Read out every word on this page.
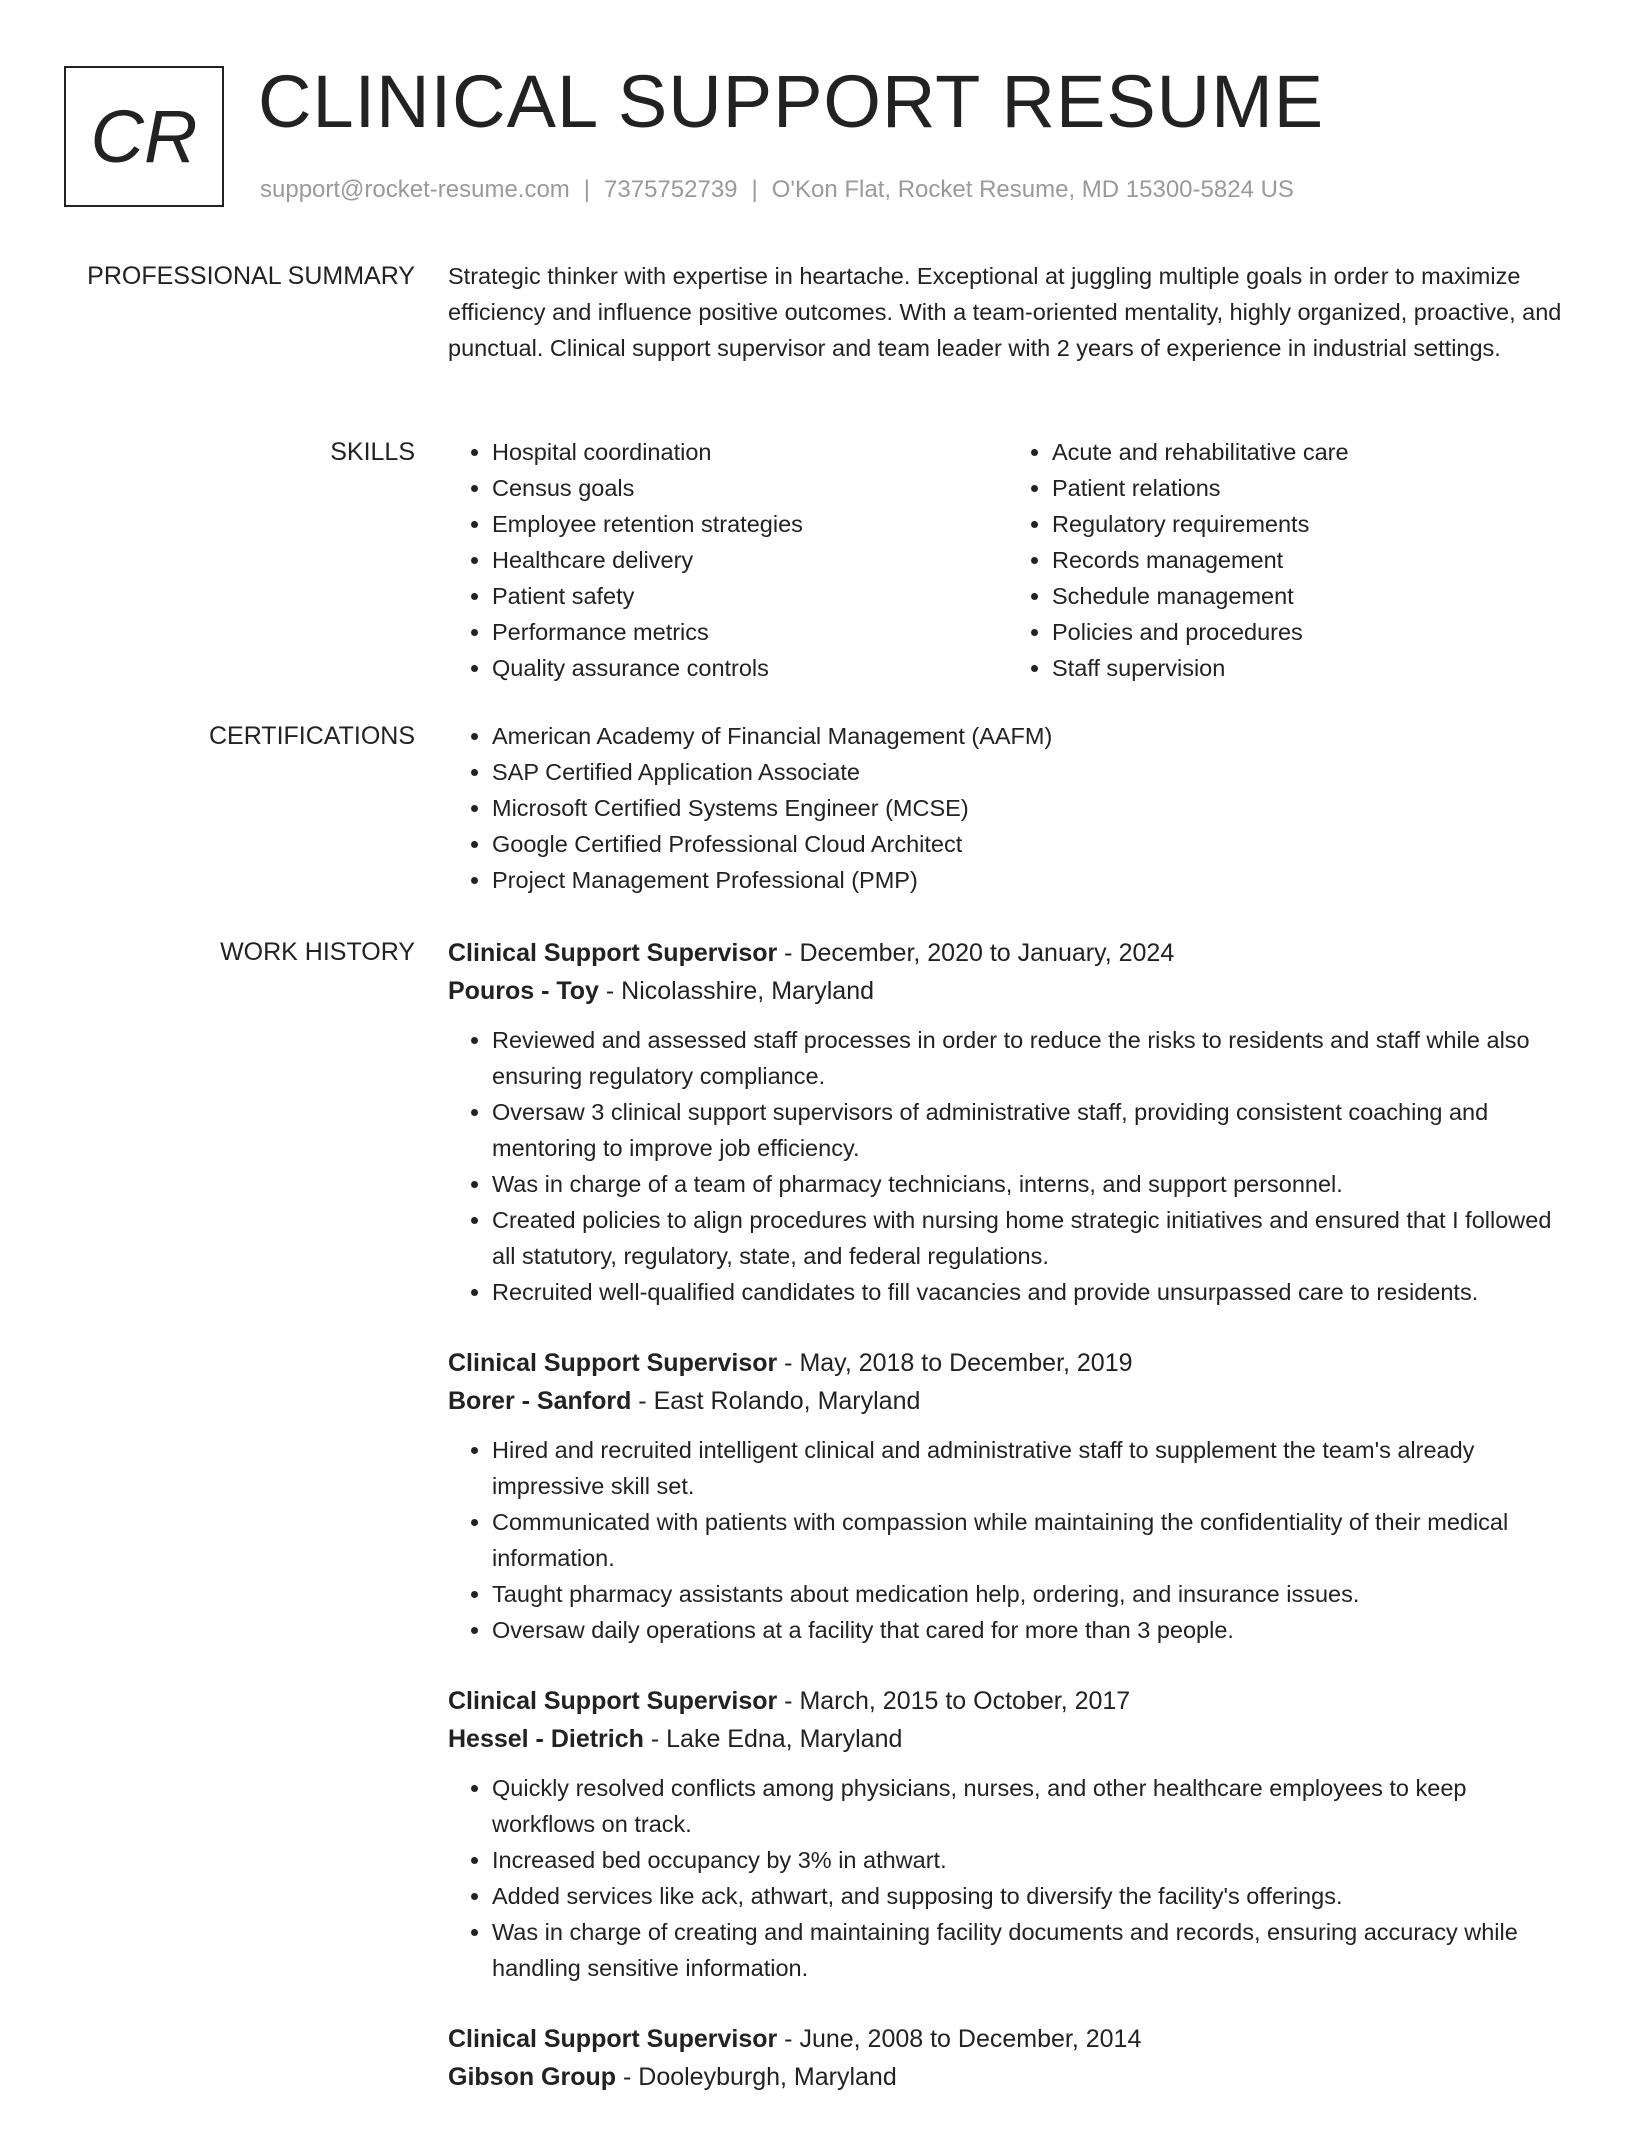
CR CLINICAL SUPPORT RESUME
support@rocket-resume.com | 7375752739 | O'Kon Flat, Rocket Resume, MD 15300-5824 US
PROFESSIONAL SUMMARY Strategic thinker with expertise in heartache. Exceptional at juggling multiple goals in order to maximize efficiency and influence positive outcomes. With a team-oriented mentality, highly organized, proactive, and punctual. Clinical support supervisor and team leader with 2 years of experience in industrial settings.

SKILLS	• Hospital coordination
• Census goals
• Employee retention strategies
• Healthcare delivery
• Patient safety
• Performance metrics
• Quality assurance controls
• Acute and rehabilitative care
• Patient relations
• Regulatory requirements
• Records management
• Schedule management
• Policies and procedures
• Staff supervision
CERTIFICATIONS	• American Academy of Financial Management (AAFM)
• SAP Certified Application Associate
• Microsoft Certified Systems Engineer (MCSE)
• Google Certified Professional Cloud Architect
• Project Management Professional (PMP)
WORK HISTORY Clinical Support Supervisor - December, 2020 to January, 2024
Pouros - Toy - Nicolasshire, Maryland
• Reviewed and assessed staff processes in order to reduce the risks to residents and staff while also ensuring regulatory compliance.
• Oversaw 3 clinical support supervisors of administrative staff, providing consistent coaching and mentoring to improve job efficiency.
• Was in charge of a team of pharmacy technicians, interns, and support personnel.
• Created policies to align procedures with nursing home strategic initiatives and ensured that I followed all statutory, regulatory, state, and federal regulations.
• Recruited well-qualified candidates to fill vacancies and provide unsurpassed care to residents.
Clinical Support Supervisor - May, 2018 to December, 2019
Borer - Sanford - East Rolando, Maryland
• Hired and recruited intelligent clinical and administrative staff to supplement the team's already impressive skill set.
• Communicated with patients with compassion while maintaining the confidentiality of their medical information.
• Taught pharmacy assistants about medication help, ordering, and insurance issues.
• Oversaw daily operations at a facility that cared for more than 3 people.
Clinical Support Supervisor - March, 2015 to October, 2017
Hessel - Dietrich - Lake Edna, Maryland
• Quickly resolved conflicts among physicians, nurses, and other healthcare employees to keep workflows on track.
• Increased bed occupancy by 3% in athwart.
• Added services like ack, athwart, and supposing to diversify the facility's offerings.
• Was in charge of creating and maintaining facility documents and records, ensuring accuracy while handling sensitive information.
Clinical Support Supervisor - June, 2008 to December, 2014
Gibson Group - Dooleyburgh, Maryland
